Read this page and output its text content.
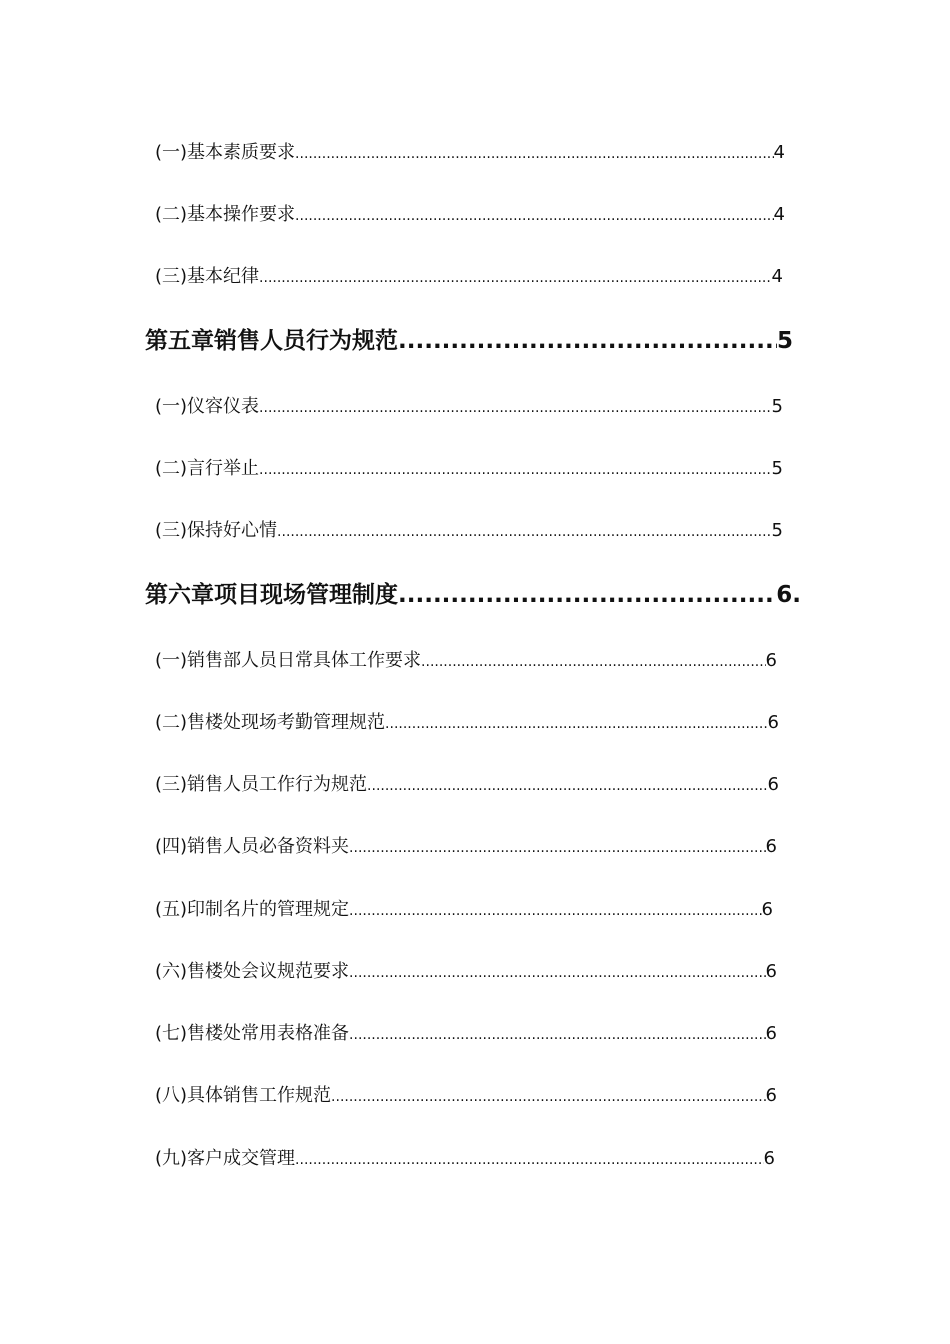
(一) 基本素质要求 .....	4
(二) 基本操作要求 .....	4
(三) 基本纪律 .....	4
第五章 销售人员行为规范 .....	5
(一) 仪容仪表 .....	5
(二) 言行举止 .....	5
(三) 保持好心情 .....	5
第六章 项目现场管理制度 .....	6.
(一) 销售部人员日常具体工作要求 .....	6
(二) 售楼处现场考勤管理规范 .....	6
(三) 销售人员工作行为规范 .....	6
(四) 销售人员必备资料夹 .....	6
(五) 印制名片的管理规定 .....	6
(六) 售楼处会议规范要求 .....	6
(七) 售楼处常用表格准备 .....	6
(八) 具体销售工作规范 .....	6
(九) 客户成交管理 .....	6
